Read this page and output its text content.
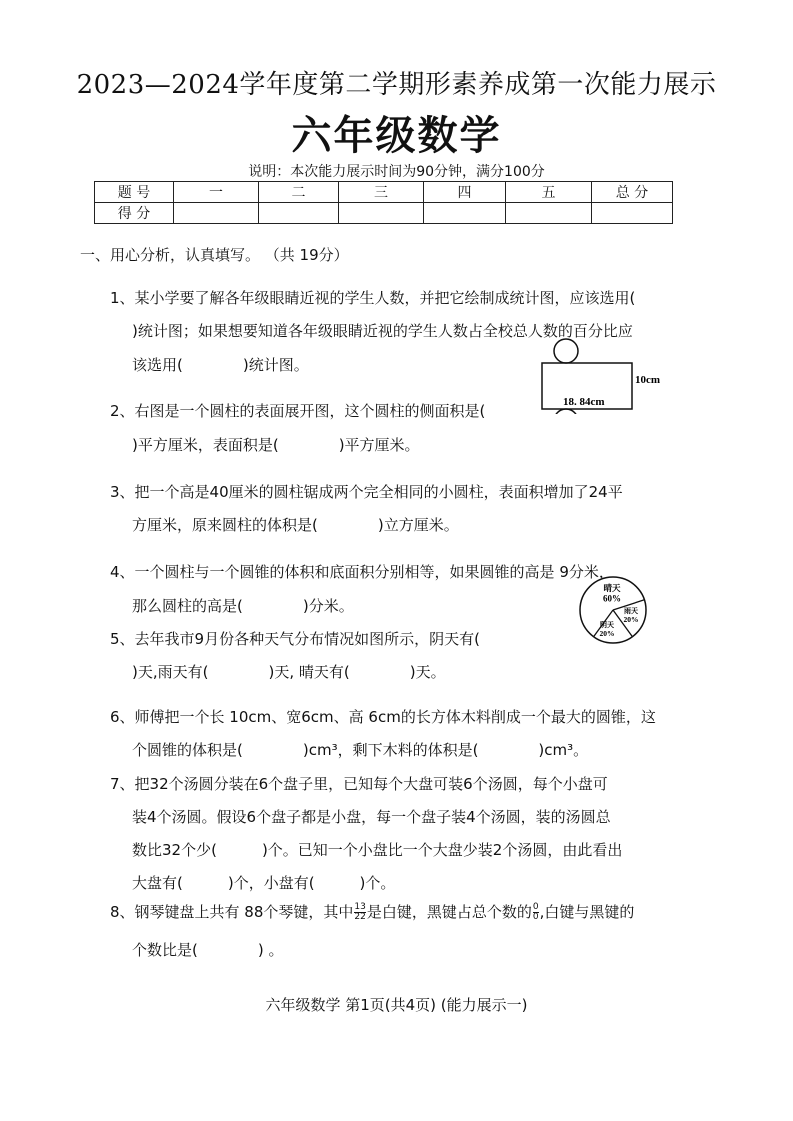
2023—2024学年度第二学期形素养成第一次能力展示
六年级数学
说明：本次能力展示时间为90分钟，满分100分
题 号	一	二	三	四	五	总 分
得 分						
一、用心分析，认真填写。 （共 19分）
1、某小学要了解各年级眼睛近视的学生人数，并把它绘制成统计图，应该选用(
)统计图；如果想要知道各年级眼睛近视的学生人数占全校总人数的百分比应
该选用(　　　　)统计图。
18. 84cm
10cm
2、右图是一个圆柱的表面展开图，这个圆柱的侧面积是(
)平方厘米，表面积是(　　　　)平方厘米。
3、把一个高是40厘米的圆柱锯成两个完全相同的小圆柱，表面积增加了24平
方厘米，原来圆柱的体积是(　　　　)立方厘米。
4、一个圆柱与一个圆锥的体积和底面积分别相等，如果圆锥的高是 9分米，
那么圆柱的高是(　　　　)分米。
晴天
60%
雨天
20%
阴天
20%
5、去年我市9月份各种天气分布情况如图所示，阴天有(
)天,雨天有(　　　　)天, 晴天有(　　　　)天。
6、师傅把一个长 10cm、宽6cm、高 6cm的长方体木料削成一个最大的圆锥，这
个圆锥的体积是(　　　　)cm³，剩下木料的体积是(　　　　)cm³。
7、把32个汤圆分装在6个盘子里，已知每个大盘可装6个汤圆，每个小盘可
装4个汤圆。假设6个盘子都是小盘，每一个盘子装4个汤圆，装的汤圆总
数比32个少(　　　)个。已知一个小盘比一个大盘少装2个汤圆，由此看出
大盘有(　　　)个，小盘有(　　　)个。
8、钢琴键盘上共有 88个琴键，其中 $\frac{13}{22}$ 是白键，黑键占总个数的 $\frac{0}{0}$ ,白键与黑键的
个数比是(　　　　) 。
六年级数学 第1页(共4页) (能力展示一)
